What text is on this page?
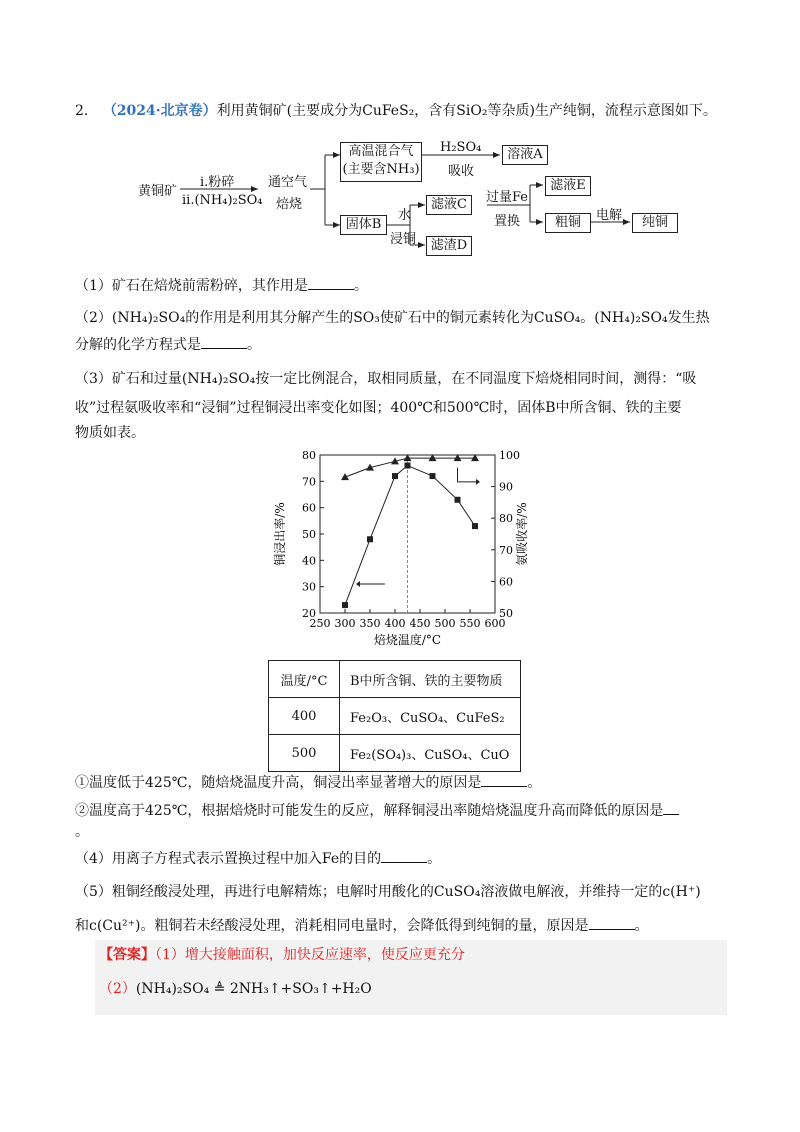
2. （2024·北京卷）利用黄铜矿(主要成分为CuFeS₂，含有SiO₂等杂质)生产纯铜，流程示意图如下。
黄铜矿
i.粉碎
ii.(NH₄)₂SO₄
通空气
焙烧
高温混合气
(主要含NH₃)
H₂SO₄
吸收
溶液A
固体B
水
浸铜
滤液C
滤渣D
过量Fe
置换
滤液E
粗铜	电解	纯铜
（1）矿石在焙烧前需粉碎，其作用是	。
（2）(NH₄)₂SO₄的作用是利用其分解产生的SO₃使矿石中的铜元素转化为CuSO₄。(NH₄)₂SO₄发生热
分解的化学方程式是	。
（3）矿石和过量(NH₄)₂SO₄按一定比例混合，取相同质量，在不同温度下焙烧相同时间，测得：“吸
收”过程氨吸收率和“浸铜”过程铜浸出率变化如图；400℃和500℃时，固体B中所含铜、铁的主要
物质如表。
250 300 350 400 450 500 550 600
20
30
40
50
60
70
80
50
60
70
80
90
100
焙烧温度/°C
铜浸出率/%	氨吸收率/%
温度/°C	B中所含铜、铁的主要物质
400	Fe₂O₃、CuSO₄、CuFeS₂
500	Fe₂(SO₄)₃、CuSO₄、CuO
①温度低于425℃，随焙烧温度升高，铜浸出率显著增大的原因是	。
②温度高于425℃，根据焙烧时可能发生的反应，解释铜浸出率随焙烧温度升高而降低的原因是
。
（4）用离子方程式表示置换过程中加入Fe的目的	。
（5）粗铜经酸浸处理，再进行电解精炼；电解时用酸化的CuSO₄溶液做电解液，并维持一定的c(H⁺)
和c(Cu²⁺)。粗铜若未经酸浸处理，消耗相同电量时，会降低得到纯铜的量，原因是	。
【答案】（1）增大接触面积，加快反应速率，使反应更充分
（2）(NH₄)₂SO₄ ≜ 2NH₃↑+SO₃↑+H₂O
